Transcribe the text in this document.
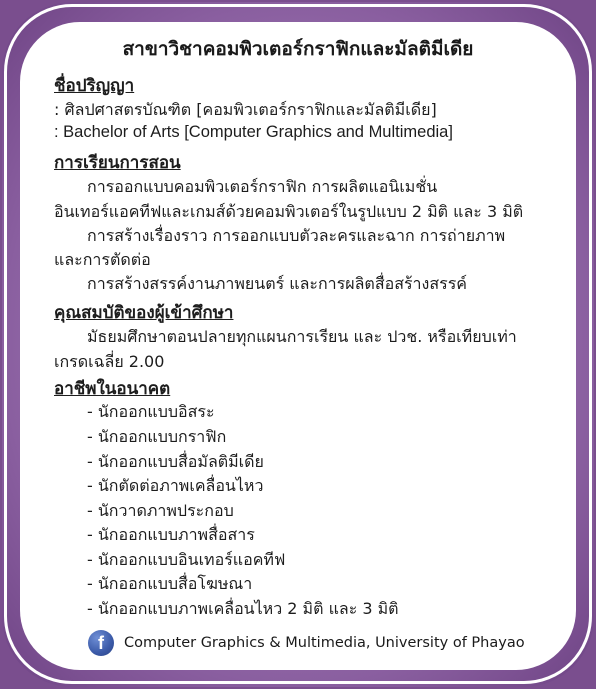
สาขาวิชาคอมพิวเตอร์กราฟิกและมัลติมีเดีย
ชื่อปริญญา
: ศิลปศาสตรบัณฑิต [คอมพิวเตอร์กราฟิกและมัลติมีเดีย]
: Bachelor of Arts [Computer Graphics and Multimedia]
การเรียนการสอน
การออกแบบคอมพิวเตอร์กราฟิก การผลิตแอนิเมชั่น
อินเทอร์แอคทีฟและเกมส์ด้วยคอมพิวเตอร์ในรูปแบบ 2 มิติ และ 3 มิติ
การสร้างเรื่องราว การออกแบบตัวละครและฉาก การถ่ายภาพ
และการตัดต่อ
การสร้างสรรค์งานภาพยนตร์ และการผลิตสื่อสร้างสรรค์
คุณสมบัติของผู้เข้าศึกษา
มัธยมศึกษาตอนปลายทุกแผนการเรียน และ ปวช. หรือเทียบเท่า
เกรดเฉลี่ย 2.00
อาชีพในอนาคต
- นักออกแบบอิสระ
- นักออกแบบกราฟิก
- นักออกแบบสื่อมัลติมีเดีย
- นักตัดต่อภาพเคลื่อนไหว
- นักวาดภาพประกอบ
- นักออกแบบภาพสื่อสาร
- นักออกแบบอินเทอร์แอคทีฟ
- นักออกแบบสื่อโฆษณา
- นักออกแบบภาพเคลื่อนไหว 2 มิติ และ 3 มิติ
f	Computer Graphics & Multimedia, University of Phayao
